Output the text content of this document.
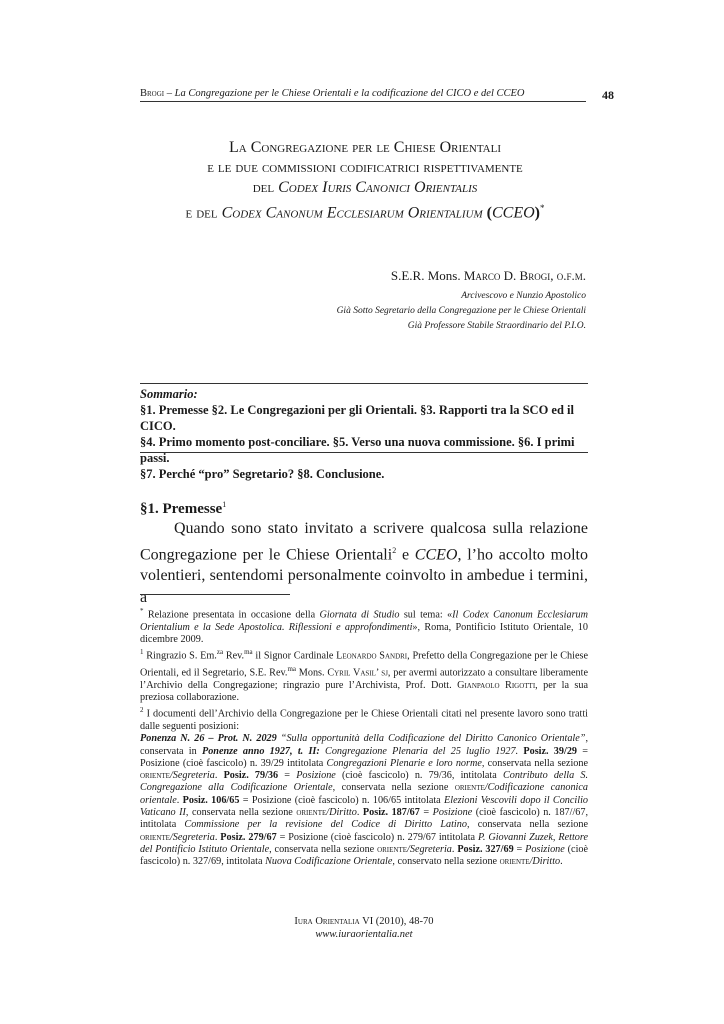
Brogi – La Congregazione per le Chiese Orientali e la codificazione del CICO e del CCEO	48
La Congregazione per le Chiese Orientali
e le due commissioni codificatrici rispettivamente
del Codex Iuris Canonici Orientalis
e del Codex Canonum Ecclesiarum Orientalium (CCEO)*
S.E.R. Mons. Marco D. Brogi, o.f.m.
Arcivescovo e Nunzio Apostolico
Già Sotto Segretario della Congregazione per le Chiese Orientali
Già Professore Stabile Straordinario del P.I.O.
Sommario:
§1. Premesse §2. Le Congregazioni per gli Orientali. §3. Rapporti tra la SCO ed il CICO.
§4. Primo momento post-conciliare. §5. Verso una nuova commissione. §6. I primi passi.
§7. Perché “pro” Segretario? §8. Conclusione.
§1. Premesse$^1$
Quando sono stato invitato a scrivere qualcosa sulla relazione Congregazione per le Chiese Orientali$^2$ e CCEO, l’ho accolto molto volentieri, sentendomi personalmente coinvolto in ambedue i termini, a

* Relazione presentata in occasione della Giornata di Studio sul tema: «Il Codex Canonum Ecclesiarum Orientalium e la Sede Apostolica. Riflessioni e approfondimenti», Roma, Pontificio Istituto Orientale, 10 dicembre 2009.

$^1$ Ringrazio S. Em.$^{za}$ Rev.$^{ma}$ il Signor Cardinale Leonardo Sandri, Prefetto della Congregazione per le Chiese Orientali, ed il Segretario, S.E. Rev.$^{ma}$ Mons. Cyril Vasil’ sj, per avermi autorizzato a consultare liberamente l’Archivio della Congregazione; ringrazio pure l’Archivista, Prof. Dott. Gianpaolo Rigotti, per la sua preziosa collaborazione.

$^2$ I documenti dell’Archivio della Congregazione per le Chiese Orientali citati nel presente lavoro sono tratti dalle seguenti posizioni:
Ponenza N. 26 – Prot. N. 2029 “Sulla opportunità della Codificazione del Diritto Canonico Orientale”, conservata in Ponenze anno 1927, t. II: Congregazione Plenaria del 25 luglio 1927. Posiz. 39/29 = Posizione (cioè fascicolo) n. 39/29 intitolata Congregazioni Plenarie e loro norme, conservata nella sezione oriente/Segreteria. Posiz. 79/36 = Posizione (cioè fascicolo) n. 79/36, intitolata Contributo della S. Congregazione alla Codificazione Orientale, conservata nella sezione oriente/Codificazione canonica orientale. Posiz. 106/65 = Posizione (cioè fascicolo) n. 106/65 intitolata Elezioni Vescovili dopo il Concilio Vaticano II, conservata nella sezione oriente/Diritto. Posiz. 187/67 = Posizione (cioè fascicolo) n. 187//67, intitolata Commissione per la revisione del Codice di Diritto Latino, conservata nella sezione oriente/Segreteria. Posiz. 279/67 = Posizione (cioè fascicolo) n. 279/67 intitolata P. Giovanni Zuzek, Rettore del Pontificio Istituto Orientale, conservata nella sezione oriente/Segreteria. Posiz. 327/69 = Posizione (cioè fascicolo) n. 327/69, intitolata Nuova Codificazione Orientale, conservato nella sezione oriente/Diritto.

Iura Orientalia VI (2010), 48-70
www.iuraorientalia.net
